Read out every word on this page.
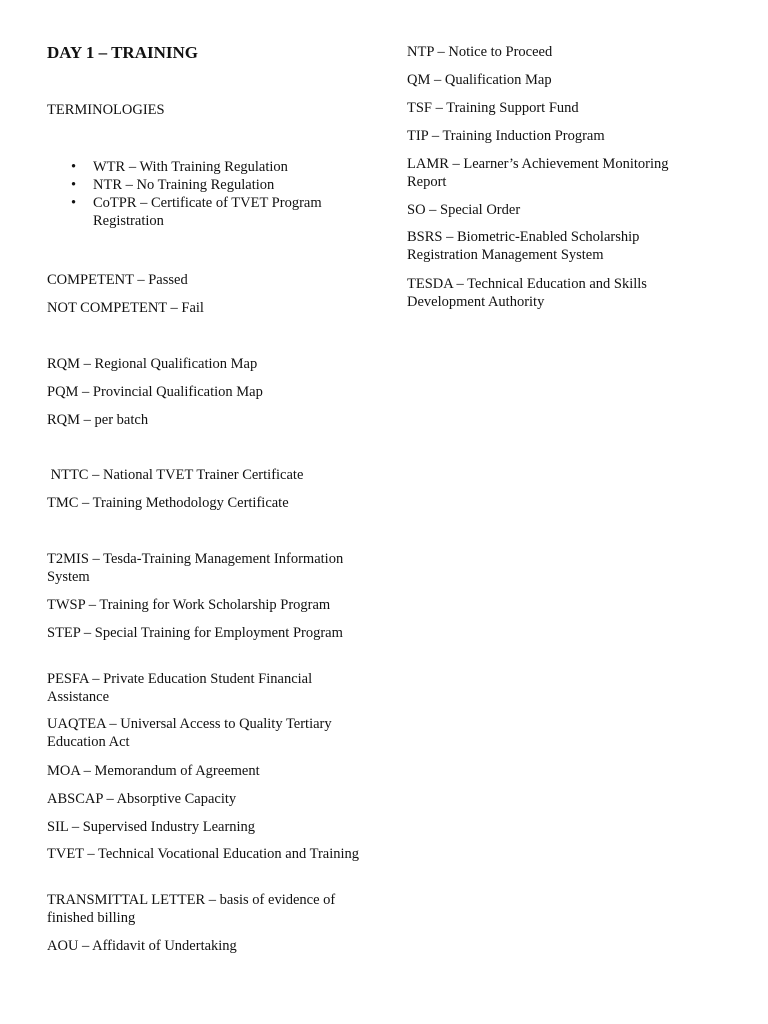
DAY 1 – TRAINING

TERMINOLOGIES

• WTR – With Training Regulation
• NTR – No Training Regulation
• CoTPR – Certificate of TVET Program Registration

COMPETENT – Passed

NOT COMPETENT – Fail

RQM – Regional Qualification Map

PQM – Provincial Qualification Map

RQM – per batch

NTTC – National TVET Trainer Certificate

TMC – Training Methodology Certificate

T2MIS – Tesda-Training Management Information System

TWSP – Training for Work Scholarship Program

STEP – Special Training for Employment Program

PESFA – Private Education Student Financial Assistance

UAQTEA – Universal Access to Quality Tertiary Education Act

MOA – Memorandum of Agreement

ABSCAP – Absorptive Capacity

SIL – Supervised Industry Learning

TVET – Technical Vocational Education and Training

TRANSMITTAL LETTER – basis of evidence of finished billing

AOU – Affidavit of Undertaking

NTP – Notice to Proceed

QM – Qualification Map

TSF – Training Support Fund

TIP – Training Induction Program

LAMR – Learner’s Achievement Monitoring Report

SO – Special Order

BSRS – Biometric-Enabled Scholarship Registration Management System

TESDA – Technical Education and Skills Development Authority
